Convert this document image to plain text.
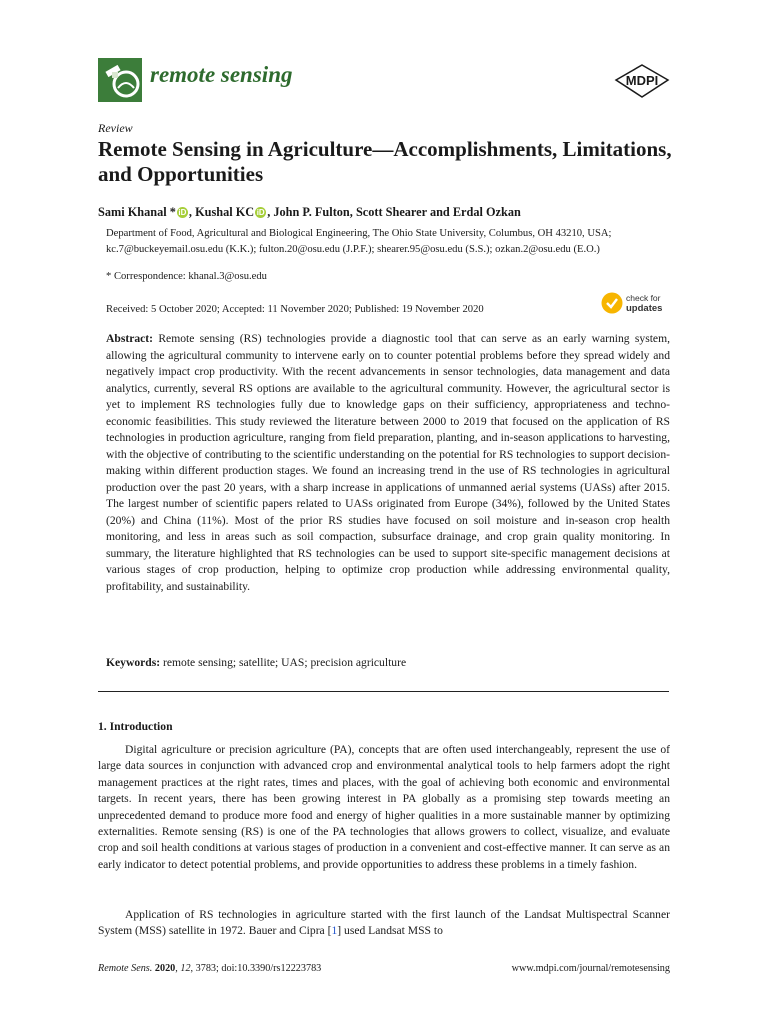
remote sensing	MDPI
Review
Remote Sensing in Agriculture—Accomplishments, Limitations, and Opportunities
Sami Khanal * iD , Kushal KC iD , John P. Fulton, Scott Shearer and Erdal Ozkan
Department of Food, Agricultural and Biological Engineering, The Ohio State University, Columbus, OH 43210, USA; kc.7@buckeyemail.osu.edu (K.K.); fulton.20@osu.edu (J.P.F.); shearer.95@osu.edu (S.S.); ozkan.2@osu.edu (E.O.)
* Correspondence: khanal.3@osu.edu
Received: 5 October 2020; Accepted: 11 November 2020; Published: 19 November 2020
check for
updates
Abstract: Remote sensing (RS) technologies provide a diagnostic tool that can serve as an early warning system, allowing the agricultural community to intervene early on to counter potential problems before they spread widely and negatively impact crop productivity. With the recent advancements in sensor technologies, data management and data analytics, currently, several RS options are available to the agricultural community. However, the agricultural sector is yet to implement RS technologies fully due to knowledge gaps on their sufficiency, appropriateness and techno-economic feasibilities. This study reviewed the literature between 2000 to 2019 that focused on the application of RS technologies in production agriculture, ranging from field preparation, planting, and in-season applications to harvesting, with the objective of contributing to the scientific understanding on the potential for RS technologies to support decision-making within different production stages. We found an increasing trend in the use of RS technologies in agricultural production over the past 20 years, with a sharp increase in applications of unmanned aerial systems (UASs) after 2015. The largest number of scientific papers related to UASs originated from Europe (34%), followed by the United States (20%) and China (11%). Most of the prior RS studies have focused on soil moisture and in-season crop health monitoring, and less in areas such as soil compaction, subsurface drainage, and crop grain quality monitoring. In summary, the literature highlighted that RS technologies can be used to support site-specific management decisions at various stages of crop production, helping to optimize crop production while addressing environmental quality, profitability, and sustainability.
Keywords: remote sensing; satellite; UAS; precision agriculture
1. Introduction
Digital agriculture or precision agriculture (PA), concepts that are often used interchangeably, represent the use of large data sources in conjunction with advanced crop and environmental analytical tools to help farmers adopt the right management practices at the right rates, times and places, with the goal of achieving both economic and environmental targets. In recent years, there has been growing interest in PA globally as a promising step towards meeting an unprecedented demand to produce more food and energy of higher qualities in a more sustainable manner by optimizing externalities. Remote sensing (RS) is one of the PA technologies that allows growers to collect, visualize, and evaluate crop and soil health conditions at various stages of production in a convenient and cost-effective manner. It can serve as an early indicator to detect potential problems, and provide opportunities to address these problems in a timely fashion.
Application of RS technologies in agriculture started with the first launch of the Landsat Multispectral Scanner System (MSS) satellite in 1972. Bauer and Cipra [1] used Landsat MSS to
Remote Sens. 2020, 12, 3783; doi:10.3390/rs12223783	www.mdpi.com/journal/remotesensing
